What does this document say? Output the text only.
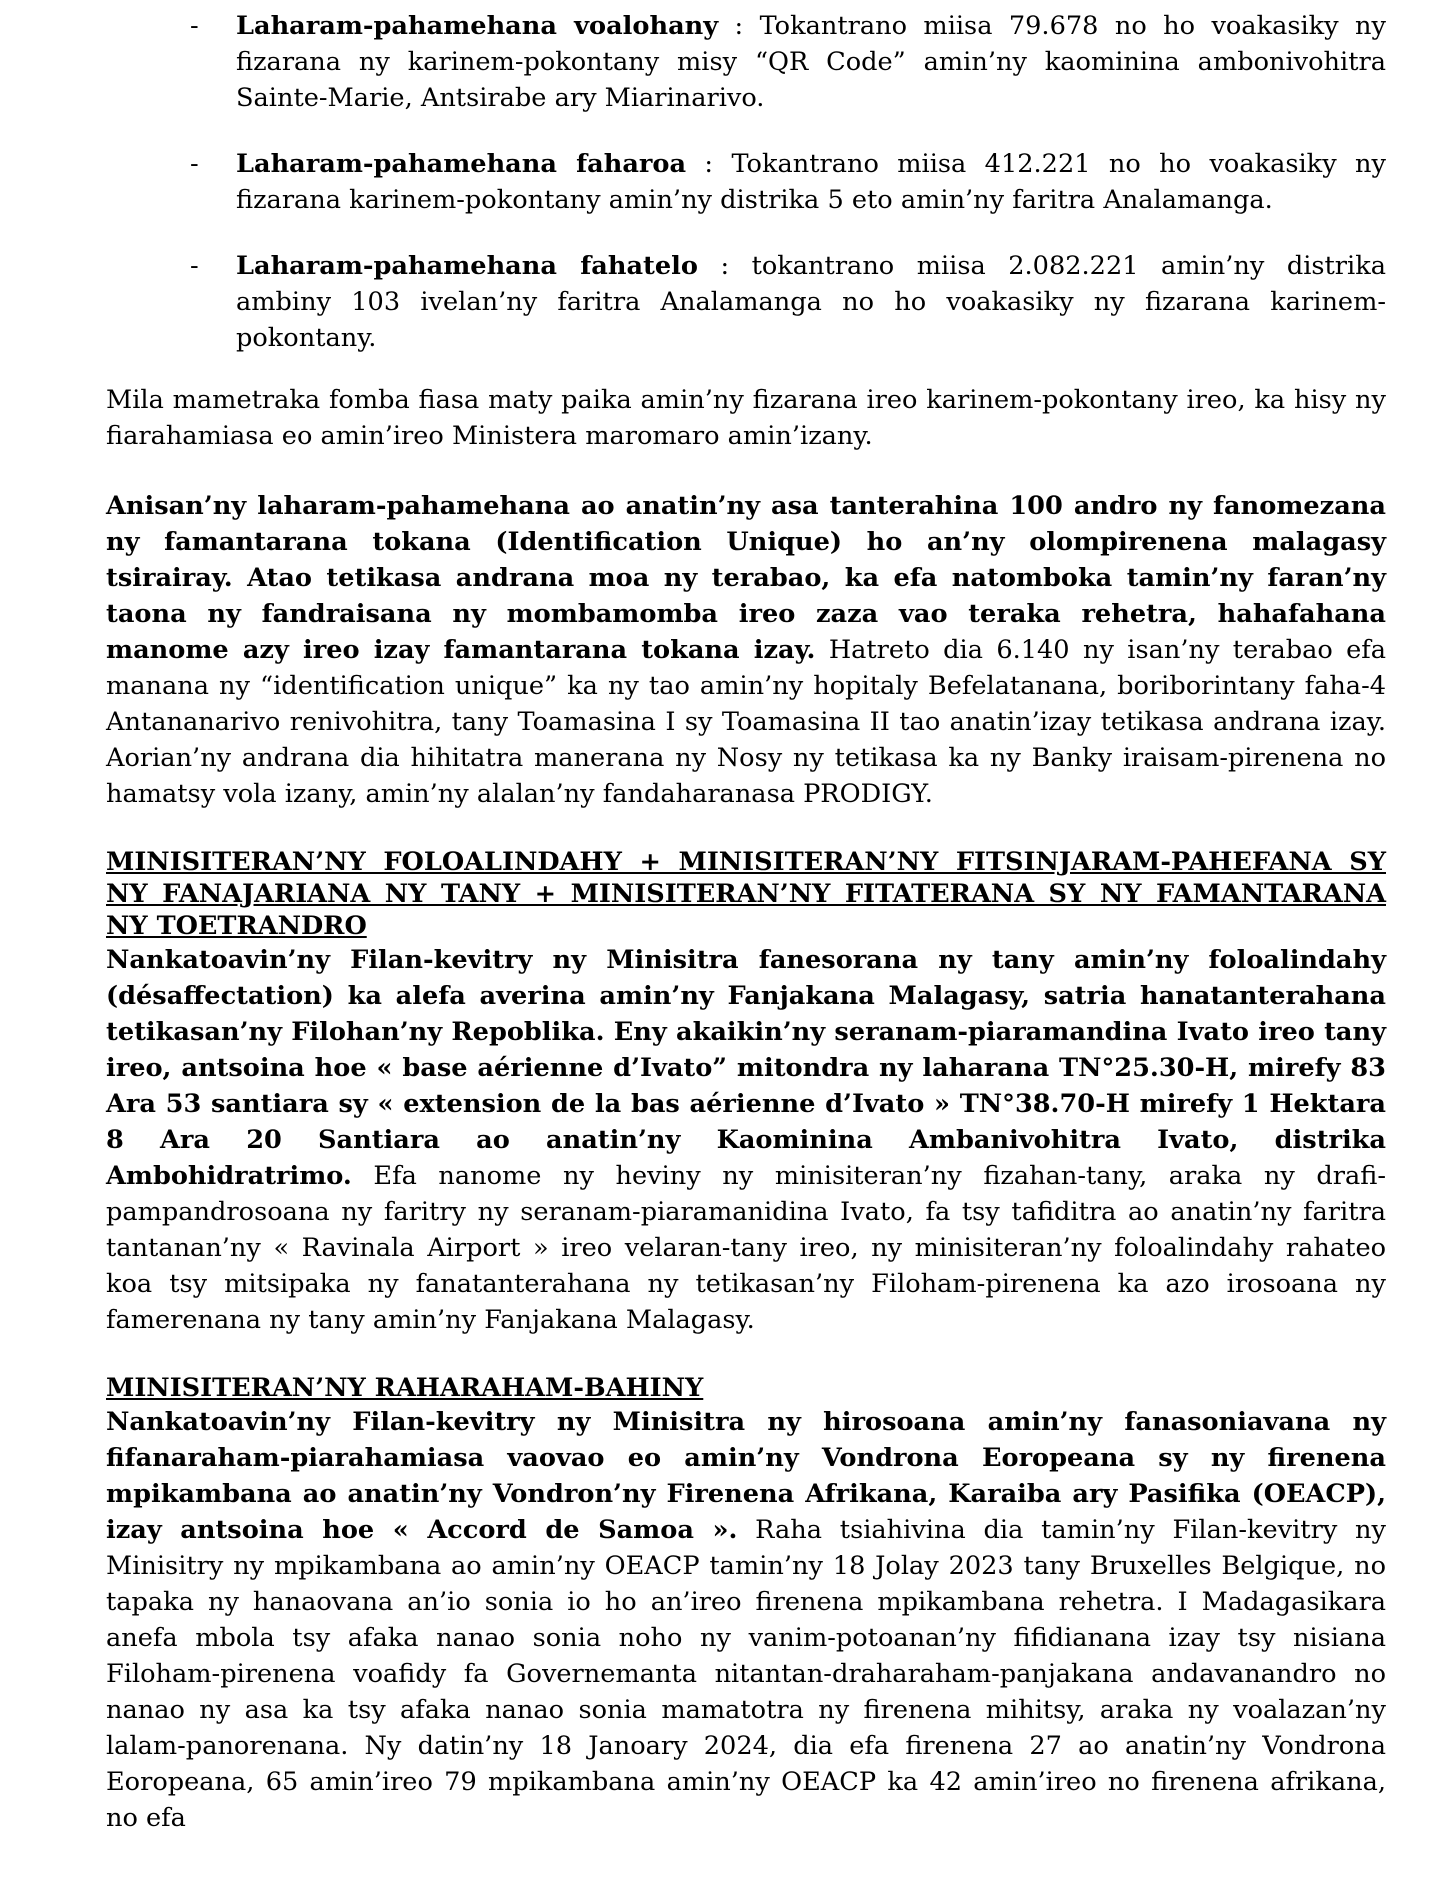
- Laharam-pahamehana voalohany : Tokantrano miisa 79.678 no ho voakasiky ny fizarana ny karinem-pokontany misy “QR Code” amin’ny kaominina ambonivohitra Sainte-Marie, Antsirabe ary Miarinarivo.
- Laharam-pahamehana faharoa : Tokantrano miisa 412.221 no ho voakasiky ny fizarana karinem-pokontany amin’ny distrika 5 eto amin’ny faritra Analamanga.
- Laharam-pahamehana fahatelo : tokantrano miisa 2.082.221 amin’ny distrika ambiny 103 ivelan’ny faritra Analamanga no ho voakasiky ny fizarana karinem-pokontany.

Mila mametraka fomba fiasa maty paika amin’ny fizarana ireo karinem-pokontany ireo, ka hisy ny fiarahamiasa eo amin’ireo Ministera maromaro amin’izany.

Anisan’ny laharam-pahamehana ao anatin’ny asa tanterahina 100 andro ny fanomezana ny famantarana tokana (Identification Unique) ho an’ny olompirenena malagasy tsirairay. Atao tetikasa andrana moa ny terabao, ka efa natomboka tamin’ny faran’ny taona ny fandraisana ny mombamomba ireo zaza vao teraka rehetra, hahafahana manome azy ireo izay famantarana tokana izay. Hatreto dia 6.140 ny isan’ny terabao efa manana ny “identification unique” ka ny tao amin’ny hopitaly Befelatanana, boriborintany faha-4 Antananarivo renivohitra, tany Toamasina I sy Toamasina II tao anatin’izay tetikasa andrana izay. Aorian’ny andrana dia hihitatra manerana ny Nosy ny tetikasa ka ny Banky iraisam-pirenena no hamatsy vola izany, amin’ny alalan’ny fandaharanasa PRODIGY.

MINISITERAN’NY FOLOALINDAHY + MINISITERAN’NY FITSINJARAM-PAHEFANA SY NY FANAJARIANA NY TANY + MINISITERAN’NY FITATERANA SY NY FAMANTARANA NY TOETRANDRO

Nankatoavin’ny Filan-kevitry ny Minisitra fanesorana ny tany amin’ny foloalindahy (désaffectation) ka alefa averina amin’ny Fanjakana Malagasy, satria hanatanterahana tetikasan’ny Filohan’ny Repoblika. Eny akaikin’ny seranam-piaramandina Ivato ireo tany ireo, antsoina hoe « base aérienne d’Ivato” mitondra ny laharana TN°25.30-H, mirefy 83 Ara 53 santiara sy « extension de la bas aérienne d’Ivato » TN°38.70-H mirefy 1 Hektara 8 Ara 20 Santiara ao anatin’ny Kaominina Ambanivohitra Ivato, distrika Ambohidratrimo. Efa nanome ny heviny ny minisiteran’ny fizahan-tany, araka ny drafi-pampandrosoana ny faritry ny seranam-piaramanidina Ivato, fa tsy tafiditra ao anatin’ny faritra tantanan’ny « Ravinala Airport » ireo velaran-tany ireo, ny minisiteran’ny foloalindahy rahateo koa tsy mitsipaka ny fanatanterahana ny tetikasan’ny Filoham-pirenena ka azo irosoana ny famerenana ny tany amin’ny Fanjakana Malagasy.

MINISITERAN’NY RAHARAHAM-BAHINY

Nankatoavin’ny Filan-kevitry ny Minisitra ny hirosoana amin’ny fanasoniavana ny fifanaraham-piarahamiasa vaovao eo amin’ny Vondrona Eoropeana sy ny firenena mpikambana ao anatin’ny Vondron’ny Firenena Afrikana, Karaiba ary Pasifika (OEACP), izay antsoina hoe « Accord de Samoa ». Raha tsiahivina dia tamin’ny Filan-kevitry ny Minisitry ny mpikambana ao amin’ny OEACP tamin’ny 18 Jolay 2023 tany Bruxelles Belgique, no tapaka ny hanaovana an’io sonia io ho an’ireo firenena mpikambana rehetra. I Madagasikara anefa mbola tsy afaka nanao sonia noho ny vanim-potoanan’ny fifidianana izay tsy nisiana Filoham-pirenena voafidy fa Governemanta nitantan-draharaham-panjakana andavanandro no nanao ny asa ka tsy afaka nanao sonia mamatotra ny firenena mihitsy, araka ny voalazan’ny lalam-panorenana. Ny datin’ny 18 Janoary 2024, dia efa firenena 27 ao anatin’ny Vondrona Eoropeana, 65 amin’ireo 79 mpikambana amin’ny OEACP ka 42 amin’ireo no firenena afrikana, no efa
